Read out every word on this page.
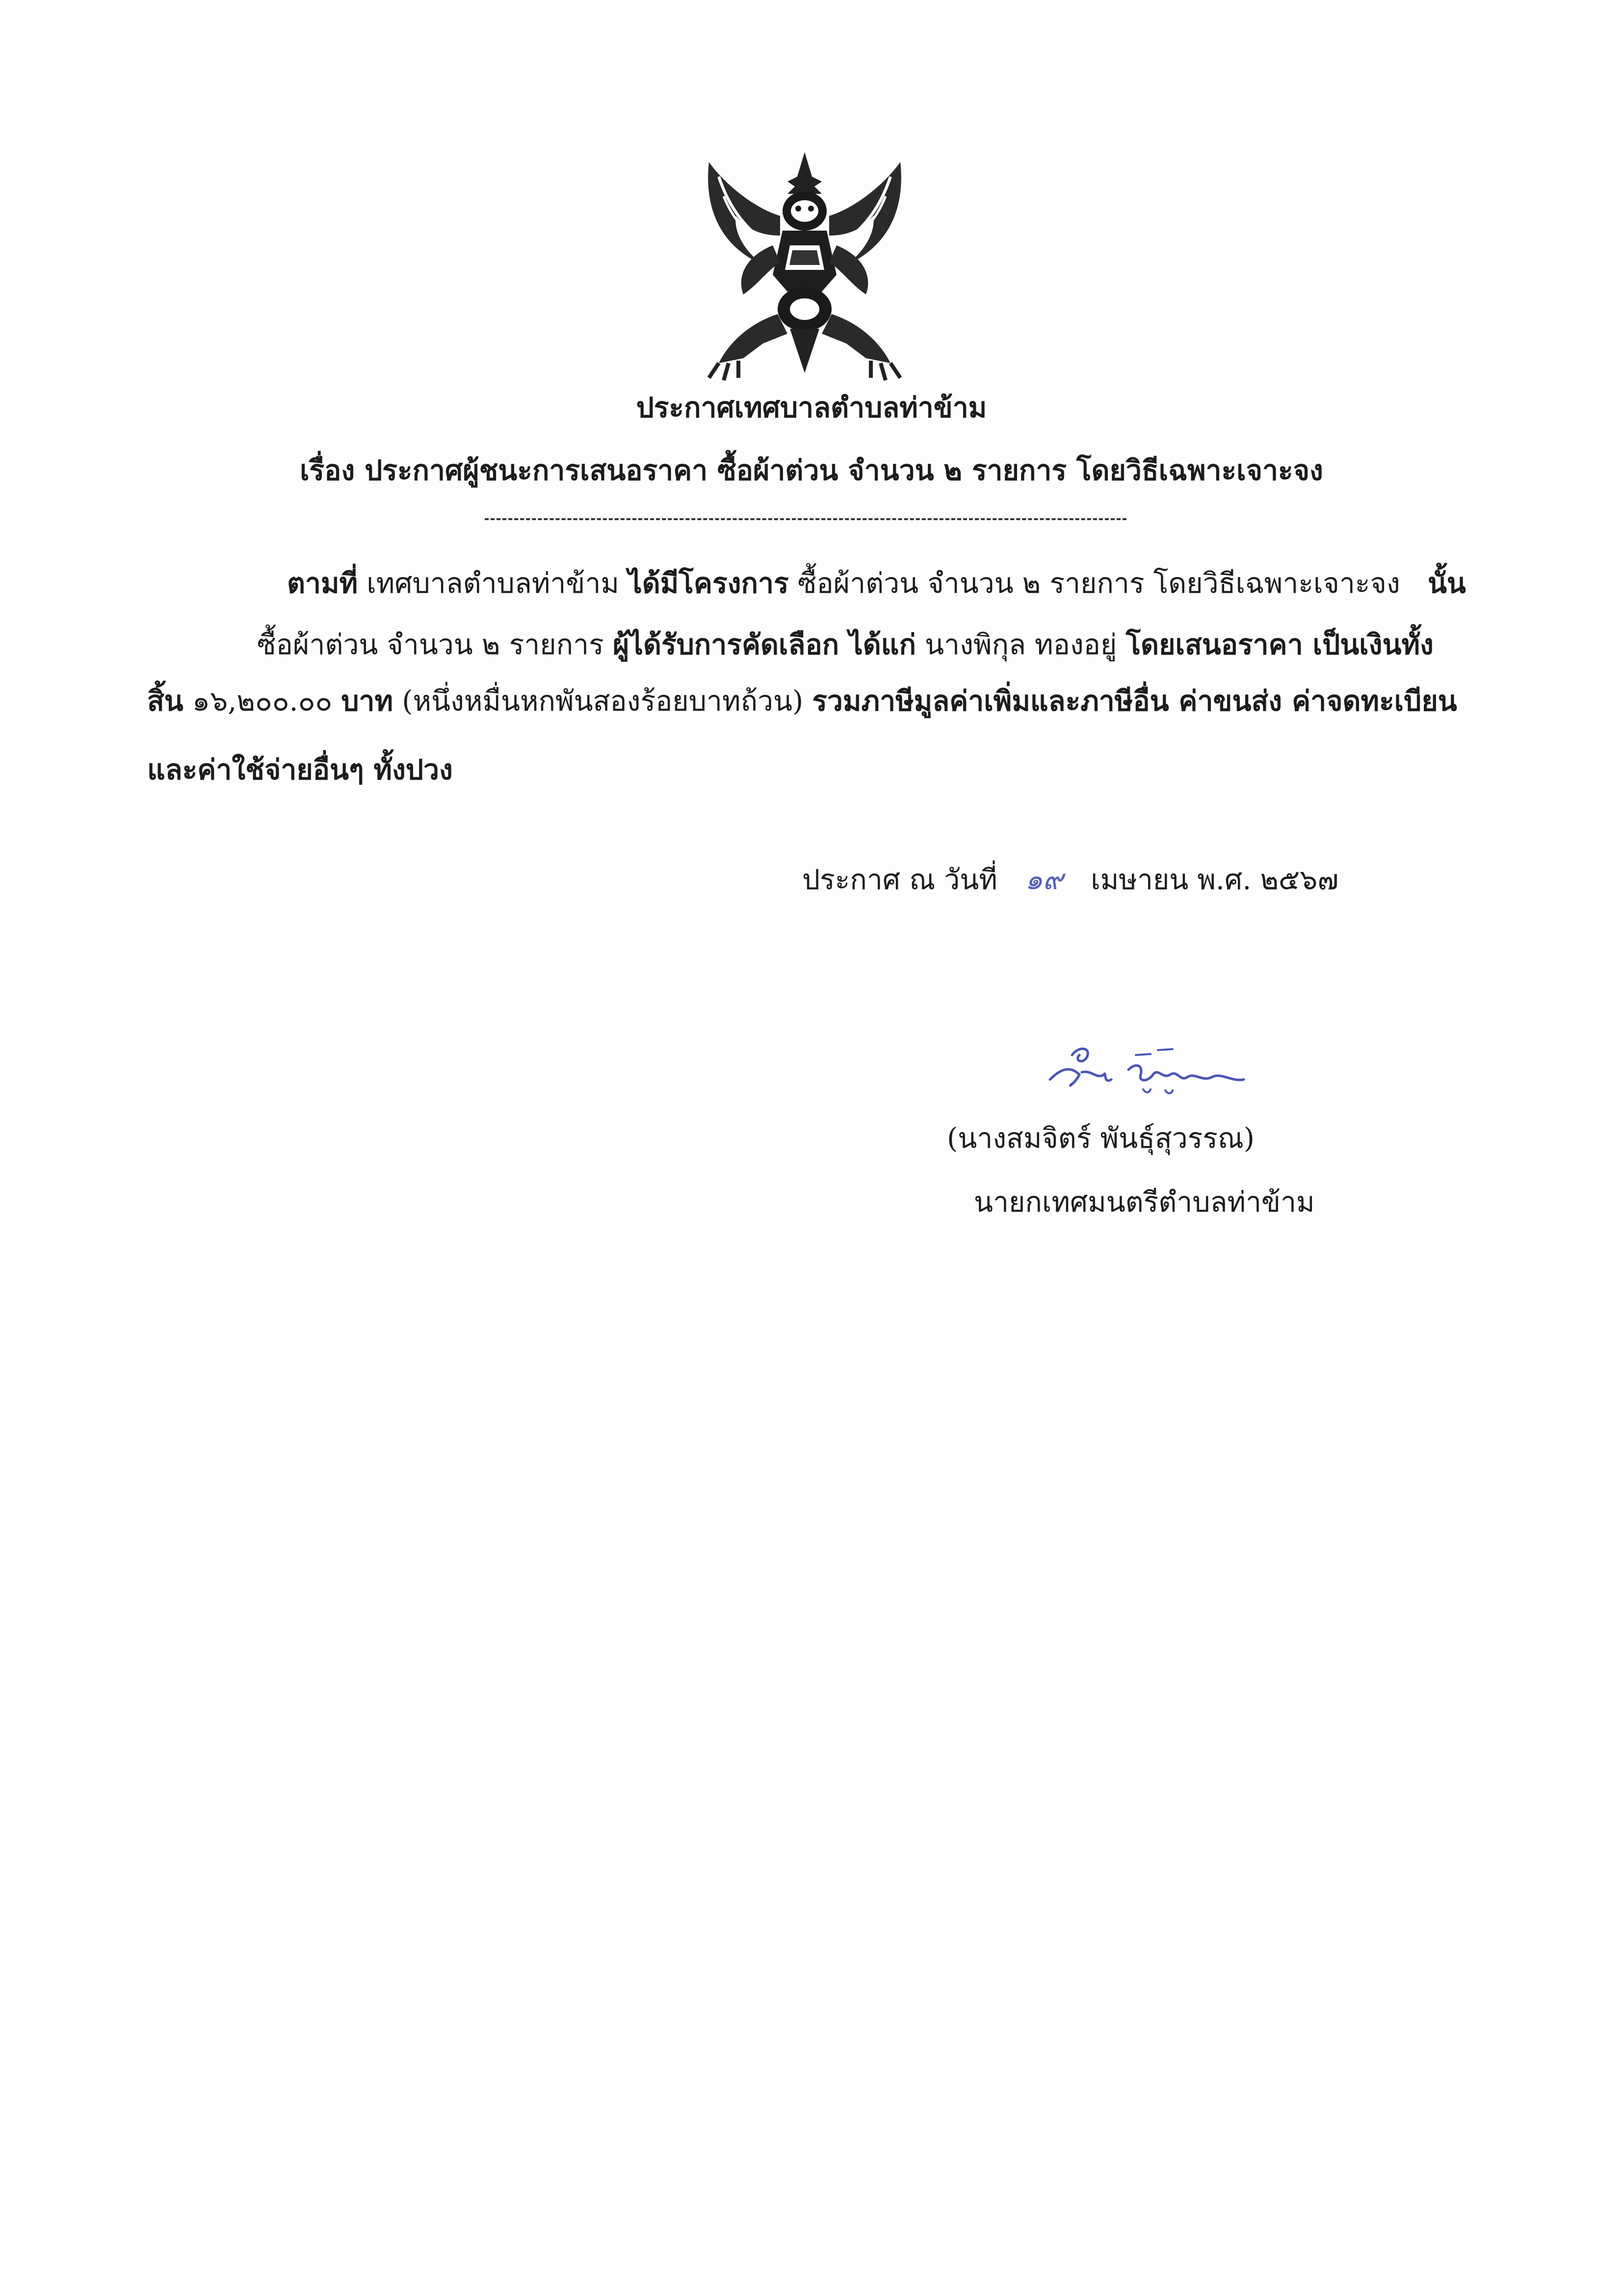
ประกาศเทศบาลตำบลท่าข้าม
เรื่อง ประกาศผู้ชนะการเสนอราคา ซื้อผ้าต่วน จำนวน ๒ รายการ โดยวิธีเฉพาะเจาะจง
ตามที่ เทศบาลตำบลท่าข้าม ได้มีโครงการ ซื้อผ้าต่วน จำนวน ๒ รายการ โดยวิธีเฉพาะเจาะจง นั้น
ซื้อผ้าต่วน จำนวน ๒ รายการ ผู้ได้รับการคัดเลือก ได้แก่ นางพิกุล ทองอยู่ โดยเสนอราคา เป็นเงินทั้ง
สิ้น ๑๖,๒๐๐.๐๐ บาท (หนึ่งหมื่นหกพันสองร้อยบาทถ้วน) รวมภาษีมูลค่าเพิ่มและภาษีอื่น ค่าขนส่ง ค่าจดทะเบียน
และค่าใช้จ่ายอื่นๆ ทั้งปวง
ประกาศ ณ วันที่ ๑๙ เมษายน พ.ศ. ๒๕๖๗
(นางสมจิตร์ พันธุ์สุวรรณ)
นายกเทศมนตรีตำบลท่าข้าม
